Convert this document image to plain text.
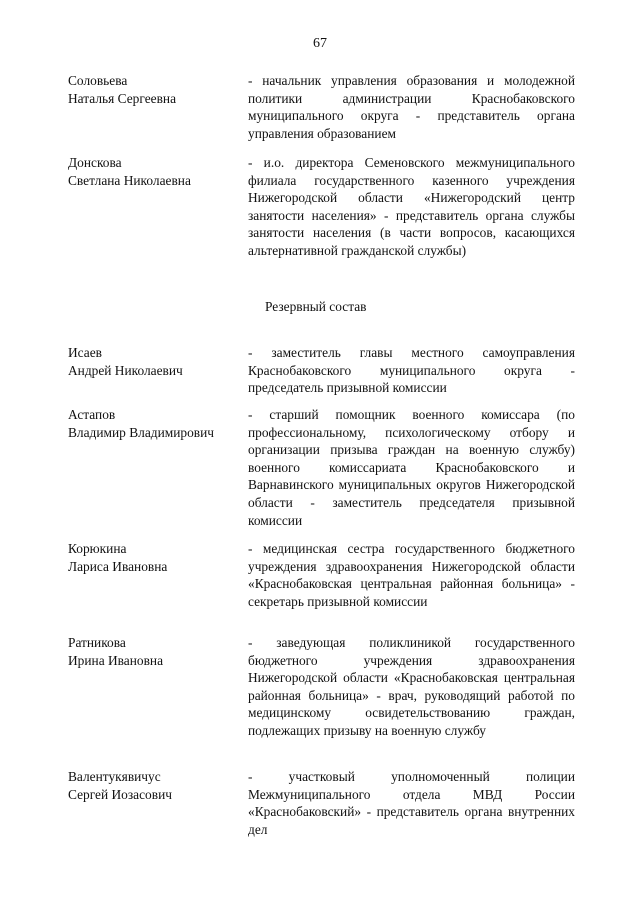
67
Соловьева
Наталья Сергеевна
- начальник управления образования и молодежной политики администрации Краснобаковского муниципального округа - представитель органа управления образованием
Донскова
Светлана Николаевна
- и.о. директора Семеновского межмуниципального филиала государственного казенного учреждения Нижегородской области «Нижегородский центр занятости населения» - представитель органа службы занятости населения (в части вопросов, касающихся альтернативной гражданской службы)
Резервный состав
Исаев
Андрей Николаевич
- заместитель главы местного самоуправления Краснобаковского муниципального округа - председатель призывной комиссии
Астапов
Владимир Владимирович
- старший помощник военного комиссара (по профессиональному, психологическому отбору и организации призыва граждан на военную службу) военного комиссариата Краснобаковского и Варнавинского муниципальных округов Нижегородской области - заместитель председателя призывной комиссии
Корюкина
Лариса Ивановна
- медицинская сестра государственного бюджетного учреждения здравоохранения Нижегородской области «Краснобаковская центральная районная больница» - секретарь призывной комиссии
Ратникова
Ирина Ивановна
- заведующая поликлиникой государственного бюджетного учреждения здравоохранения Нижегородской области «Краснобаковская центральная районная больница» - врач, руководящий работой по медицинскому освидетельствованию граждан, подлежащих призыву на военную службу
Валентукявичус
Сергей Иозасович
- участковый уполномоченный полиции Межмуниципального отдела МВД России «Краснобаковский» - представитель органа внутренних дел
